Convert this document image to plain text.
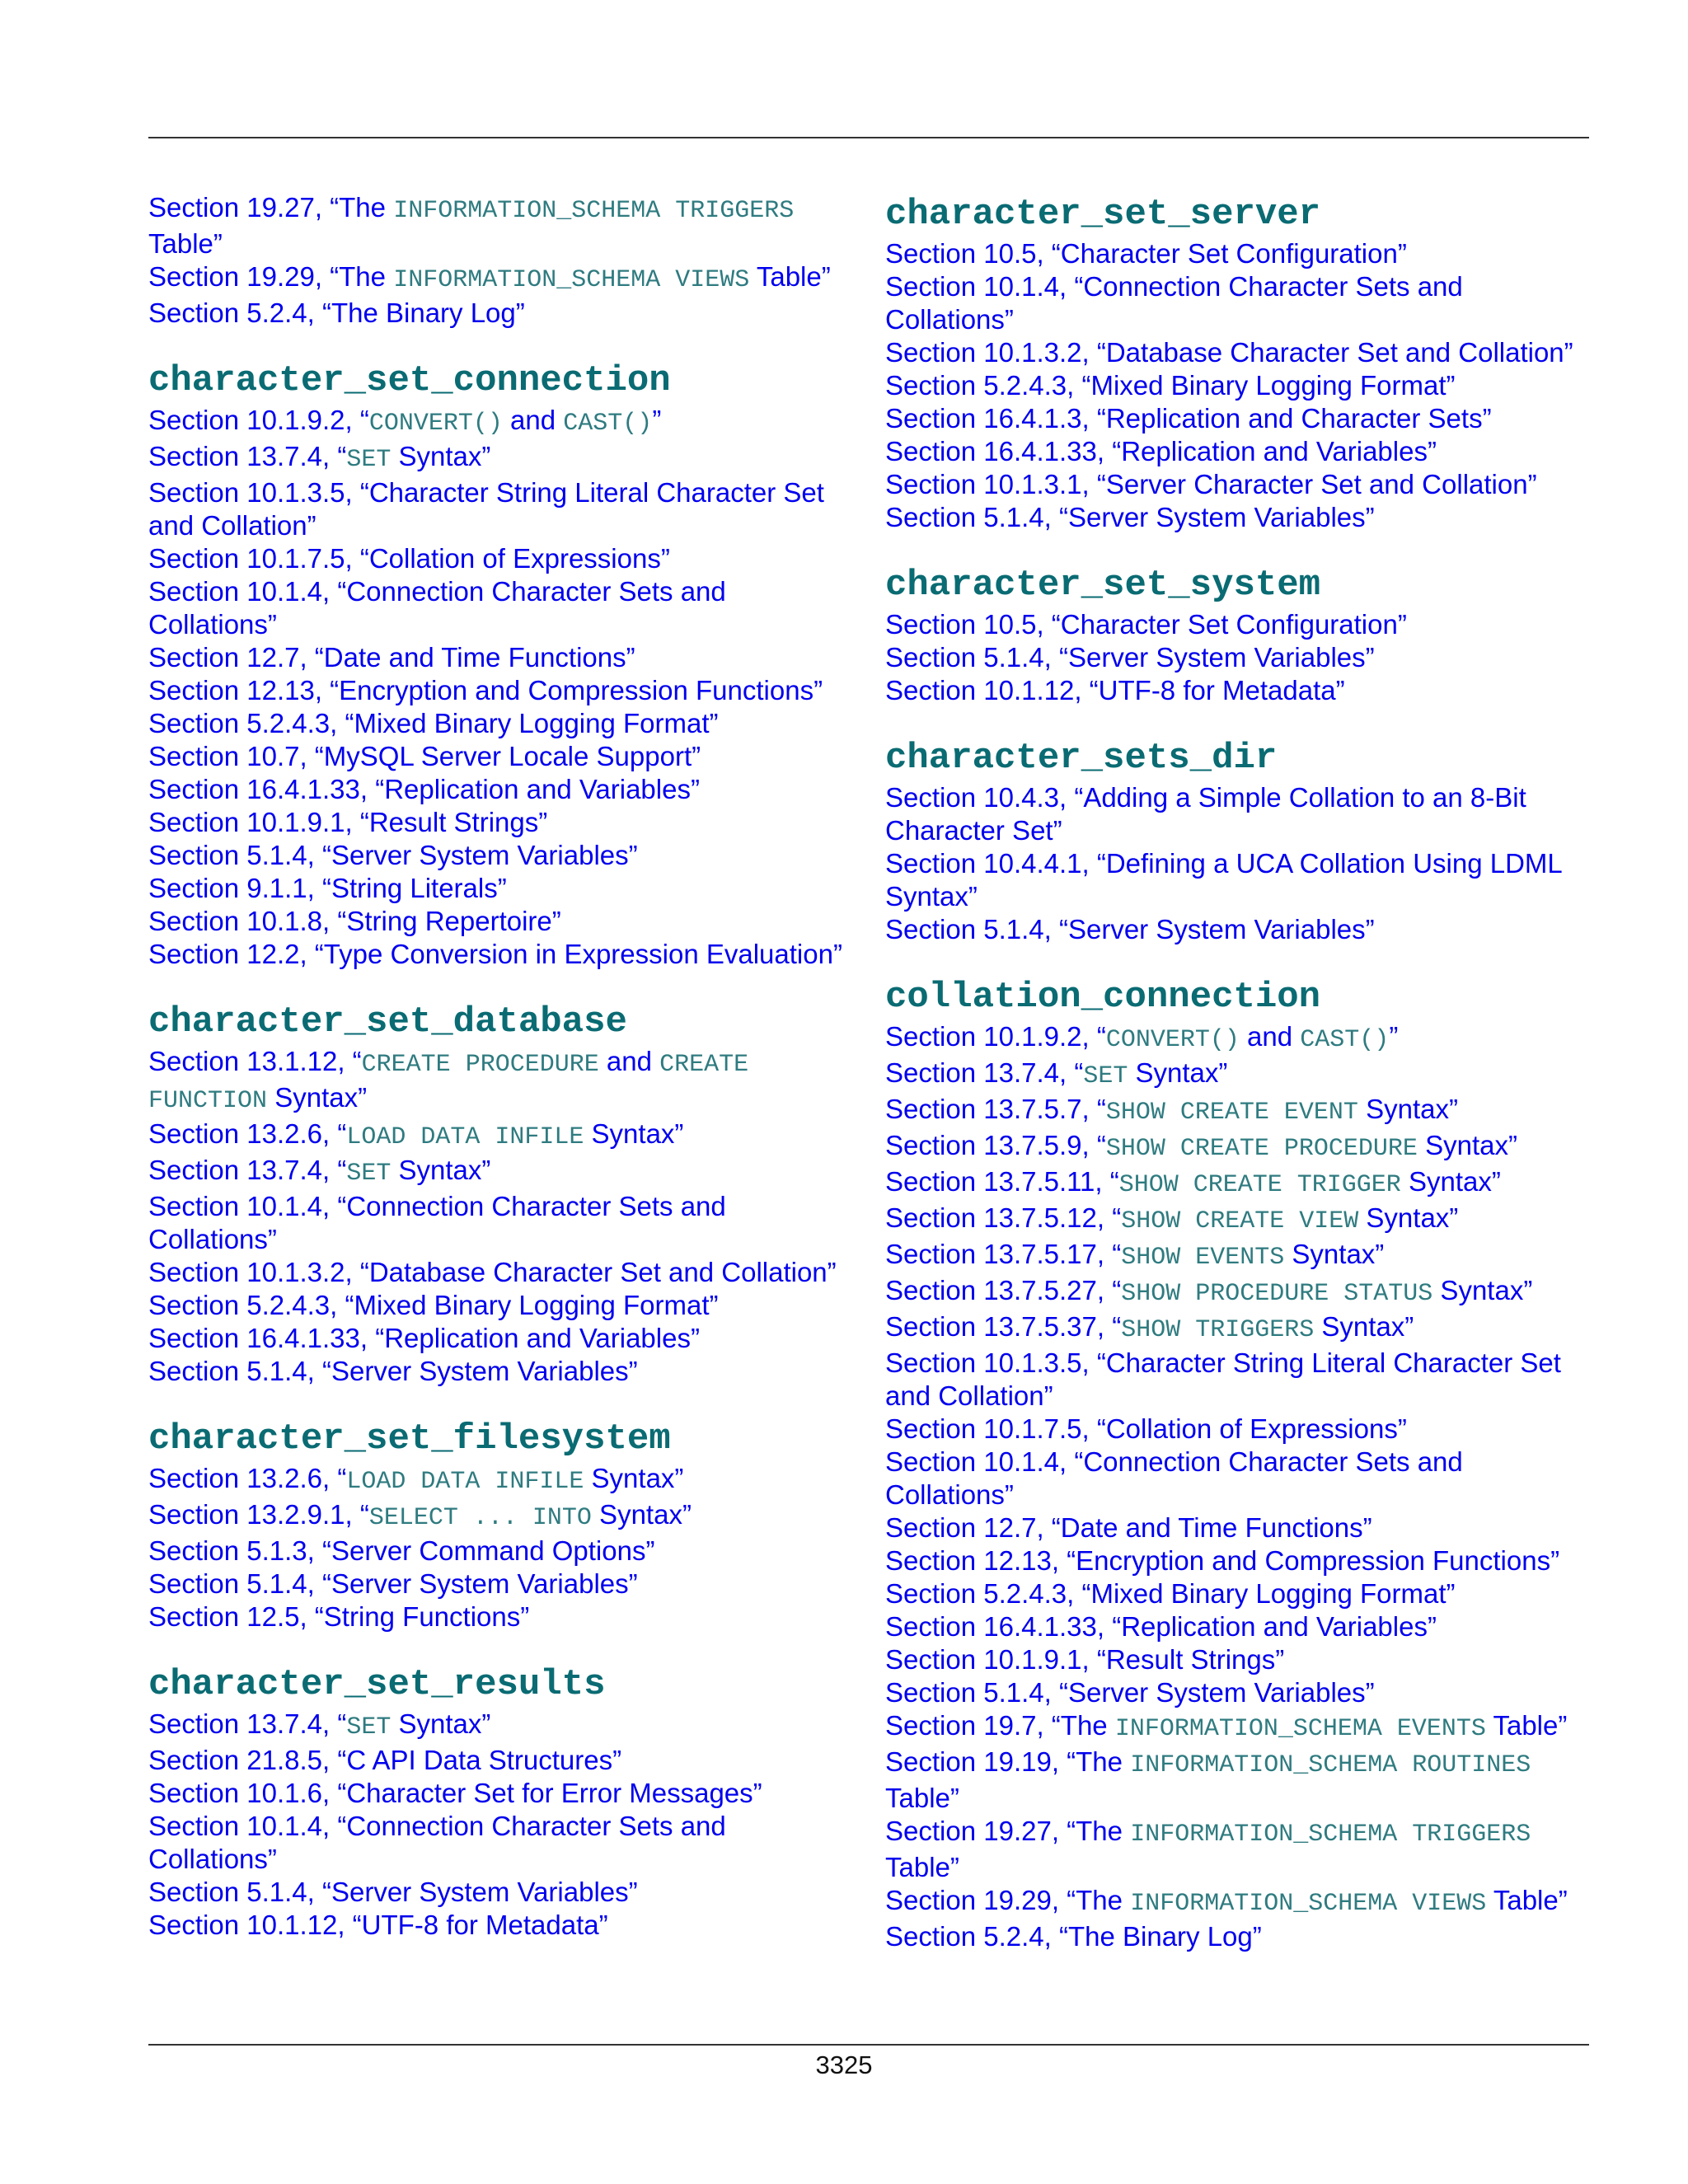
Section 19.27, “The INFORMATION_SCHEMA TRIGGERS Table”
Section 19.29, “The INFORMATION_SCHEMA VIEWS Table”
Section 5.2.4, “The Binary Log”
character_set_connection
Section 10.1.9.2, “CONVERT() and CAST()”
Section 13.7.4, “SET Syntax”
Section 10.1.3.5, “Character String Literal Character Set and Collation”
Section 10.1.7.5, “Collation of Expressions”
Section 10.1.4, “Connection Character Sets and Collations”
Section 12.7, “Date and Time Functions”
Section 12.13, “Encryption and Compression Functions”
Section 5.2.4.3, “Mixed Binary Logging Format”
Section 10.7, “MySQL Server Locale Support”
Section 16.4.1.33, “Replication and Variables”
Section 10.1.9.1, “Result Strings”
Section 5.1.4, “Server System Variables”
Section 9.1.1, “String Literals”
Section 10.1.8, “String Repertoire”
Section 12.2, “Type Conversion in Expression Evaluation”
character_set_database
Section 13.1.12, “CREATE PROCEDURE and CREATE FUNCTION Syntax”
Section 13.2.6, “LOAD DATA INFILE Syntax”
Section 13.7.4, “SET Syntax”
Section 10.1.4, “Connection Character Sets and Collations”
Section 10.1.3.2, “Database Character Set and Collation”
Section 5.2.4.3, “Mixed Binary Logging Format”
Section 16.4.1.33, “Replication and Variables”
Section 5.1.4, “Server System Variables”
character_set_filesystem
Section 13.2.6, “LOAD DATA INFILE Syntax”
Section 13.2.9.1, “SELECT ... INTO Syntax”
Section 5.1.3, “Server Command Options”
Section 5.1.4, “Server System Variables”
Section 12.5, “String Functions”
character_set_results
Section 13.7.4, “SET Syntax”
Section 21.8.5, “C API Data Structures”
Section 10.1.6, “Character Set for Error Messages”
Section 10.1.4, “Connection Character Sets and Collations”
Section 5.1.4, “Server System Variables”
Section 10.1.12, “UTF-8 for Metadata”
character_set_server
Section 10.5, “Character Set Configuration”
Section 10.1.4, “Connection Character Sets and Collations”
Section 10.1.3.2, “Database Character Set and Collation”
Section 5.2.4.3, “Mixed Binary Logging Format”
Section 16.4.1.3, “Replication and Character Sets”
Section 16.4.1.33, “Replication and Variables”
Section 10.1.3.1, “Server Character Set and Collation”
Section 5.1.4, “Server System Variables”
character_set_system
Section 10.5, “Character Set Configuration”
Section 5.1.4, “Server System Variables”
Section 10.1.12, “UTF-8 for Metadata”
character_sets_dir
Section 10.4.3, “Adding a Simple Collation to an 8-Bit Character Set”
Section 10.4.4.1, “Defining a UCA Collation Using LDML Syntax”
Section 5.1.4, “Server System Variables”
collation_connection
Section 10.1.9.2, “CONVERT() and CAST()”
Section 13.7.4, “SET Syntax”
Section 13.7.5.7, “SHOW CREATE EVENT Syntax”
Section 13.7.5.9, “SHOW CREATE PROCEDURE Syntax”
Section 13.7.5.11, “SHOW CREATE TRIGGER Syntax”
Section 13.7.5.12, “SHOW CREATE VIEW Syntax”
Section 13.7.5.17, “SHOW EVENTS Syntax”
Section 13.7.5.27, “SHOW PROCEDURE STATUS Syntax”
Section 13.7.5.37, “SHOW TRIGGERS Syntax”
Section 10.1.3.5, “Character String Literal Character Set and Collation”
Section 10.1.7.5, “Collation of Expressions”
Section 10.1.4, “Connection Character Sets and Collations”
Section 12.7, “Date and Time Functions”
Section 12.13, “Encryption and Compression Functions”
Section 5.2.4.3, “Mixed Binary Logging Format”
Section 16.4.1.33, “Replication and Variables”
Section 10.1.9.1, “Result Strings”
Section 5.1.4, “Server System Variables”
Section 19.7, “The INFORMATION_SCHEMA EVENTS Table”
Section 19.19, “The INFORMATION_SCHEMA ROUTINES Table”
Section 19.27, “The INFORMATION_SCHEMA TRIGGERS Table”
Section 19.29, “The INFORMATION_SCHEMA VIEWS Table”
Section 5.2.4, “The Binary Log”
3325
